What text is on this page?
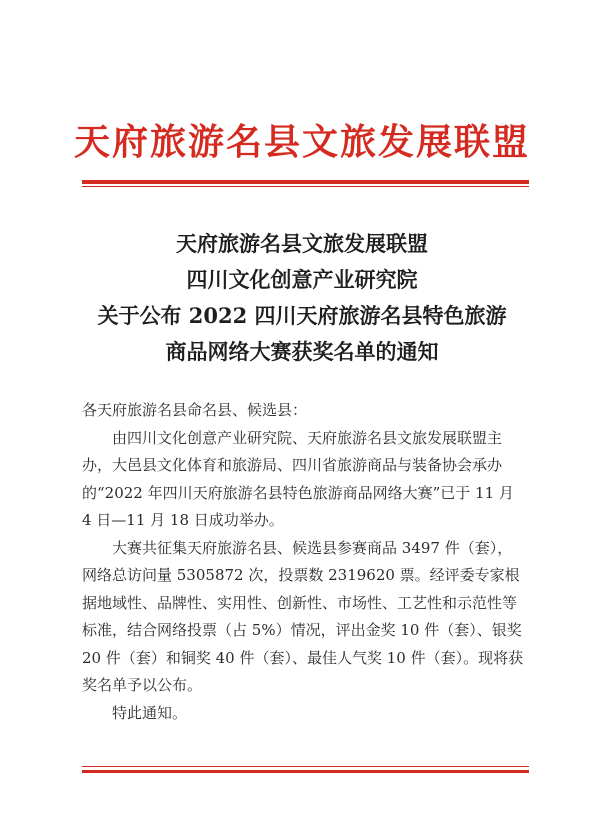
天府旅游名县文旅发展联盟
天府旅游名县文旅发展联盟
四川文化创意产业研究院
关于公布 2022 四川天府旅游名县特色旅游
商品网络大赛获奖名单的通知

各天府旅游名县命名县、候选县：

由四川文化创意产业研究院、天府旅游名县文旅发展联盟主办，大邑县文化体育和旅游局、四川省旅游商品与装备协会承办的“2022 年四川天府旅游名县特色旅游商品网络大赛”已于 11 月 4 日—11 月 18 日成功举办。

大赛共征集天府旅游名县、候选县参赛商品 3497 件（套），网络总访问量 5305872 次，投票数 2319620 票。经评委专家根据地域性、品牌性、实用性、创新性、市场性、工艺性和示范性等标准，结合网络投票（占 5%）情况，评出金奖 10 件（套）、银奖 20 件（套）和铜奖 40 件（套）、最佳人气奖 10 件（套）。现将获奖名单予以公布。

特此通知。
